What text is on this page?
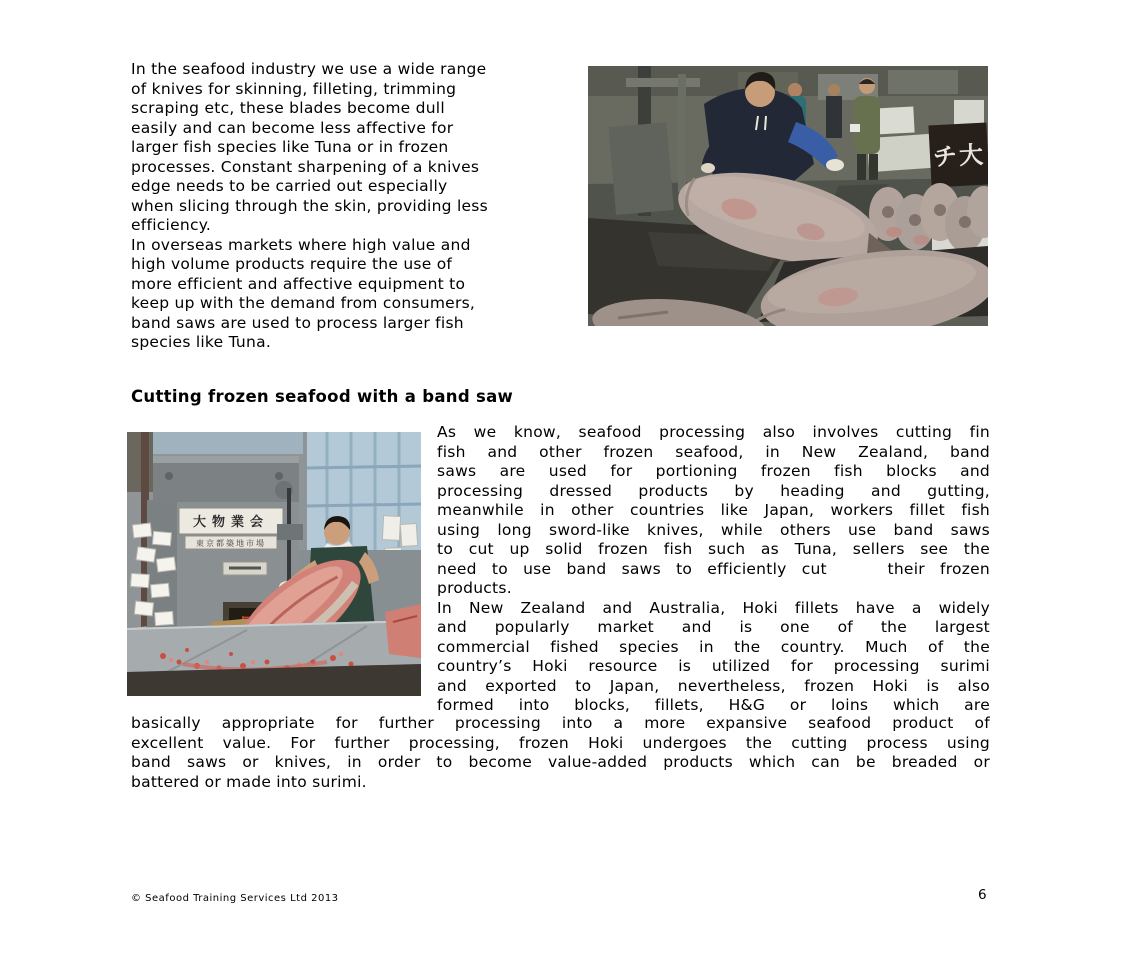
In the seafood industry we use a wide range
of knives for skinning, filleting, trimming
scraping etc, these blades become dull
easily and can become less affective for
larger fish species like Tuna or in frozen
processes. Constant sharpening of a knives
edge needs to be carried out especially
when slicing through the skin, providing less
efficiency.
In overseas markets where high value and
high volume products require the use of
more efficient and affective equipment to
keep up with the demand from consumers,
band saws are used to process larger fish
species like Tuna.
チ大
Cutting frozen seafood with a band saw
大物業会
東京都築地市場
As we know, seafood processing also involves cutting fin
fish and other frozen seafood, in New Zealand, band
saws are used for portioning frozen fish blocks and
processing dressed products by heading and gutting,
meanwhile in other countries like Japan, workers fillet fish
using long sword-like knives, while others use band saws
to cut up solid frozen fish such as Tuna, sellers see the
need to use band saws to efficiently cut    their frozen
products.
In New Zealand and Australia, Hoki fillets have a widely
and popularly market and is one of the largest
commercial fished species in the country. Much of the
country’s Hoki resource is utilized for processing surimi
and exported to Japan, nevertheless, frozen Hoki is also
formed into blocks, fillets, H&G or loins which are
basically appropriate for further processing into a more expansive seafood product of
excellent value. For further processing, frozen Hoki undergoes the cutting process using
band saws or knives, in order to become value-added products which can be breaded or
battered or made into surimi.
© Seafood Training Services Ltd 2013	6
